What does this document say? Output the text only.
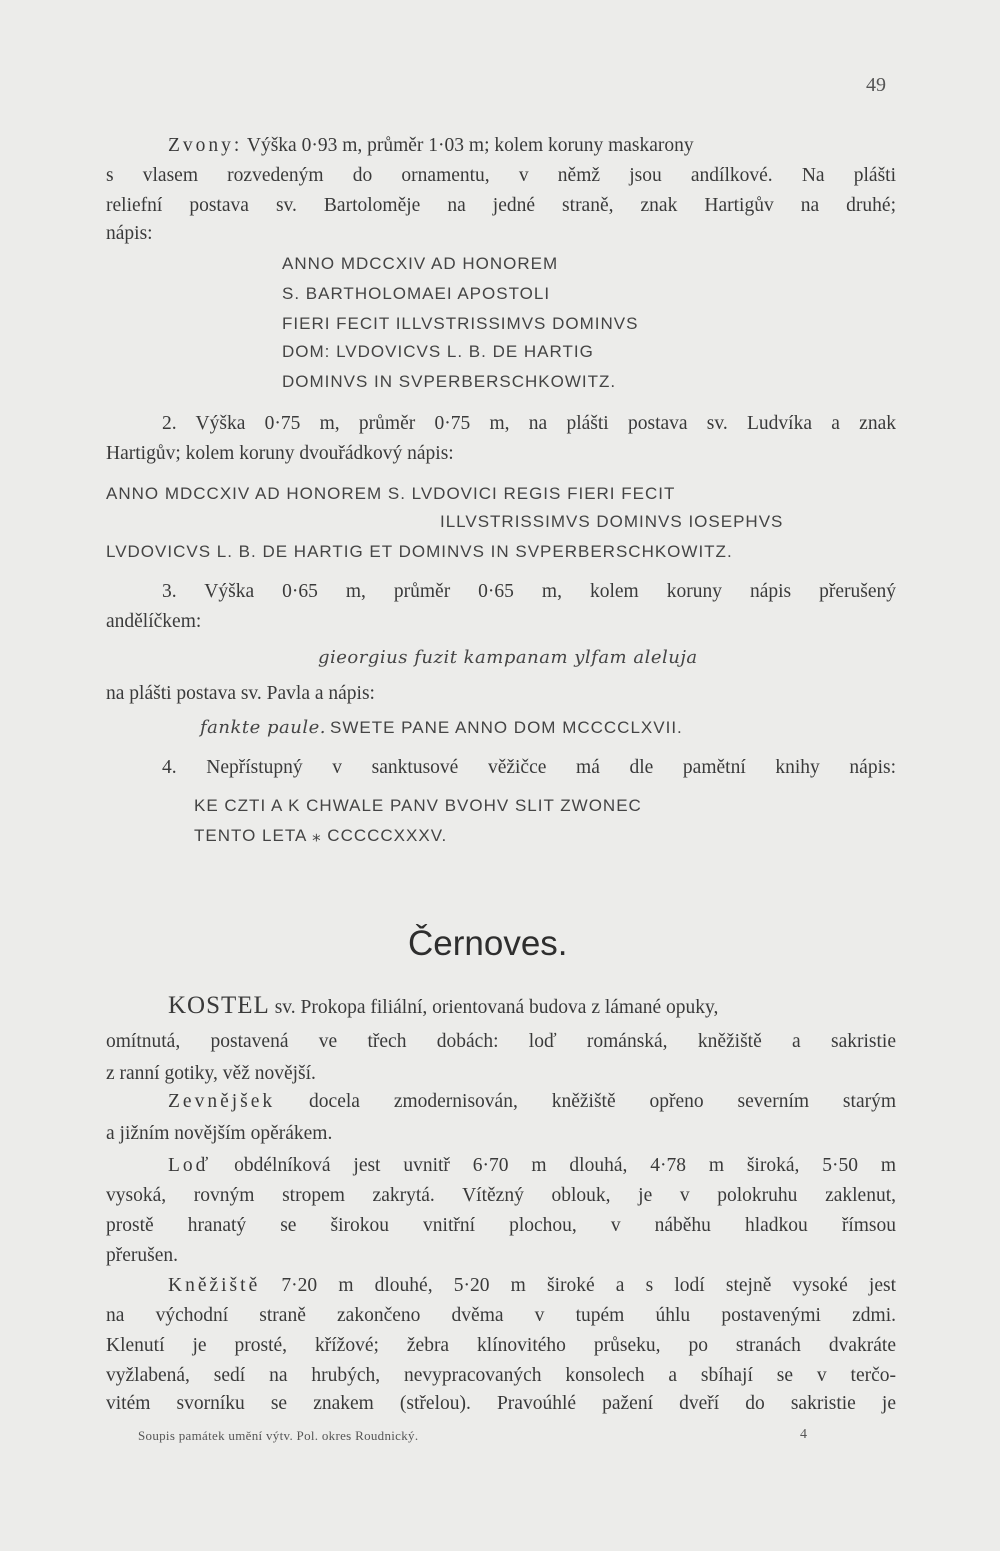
49
Zvony: Výška 0·93 m, průměr 1·03 m; kolem koruny maskarony
s vlasem rozvedeným do ornamentu, v němž jsou andílkové. Na plášti
reliefní postava sv. Bartoloměje na jedné straně, znak Hartigův na druhé;
nápis:
ANNO MDCCXIV AD HONOREM
S. BARTHOLOMAEI APOSTOLI
FIERI FECIT ILLVSTRISSIMVS DOMINVS
DOM: LVDOVICVS L. B. DE HARTIG
DOMINVS IN SVPERBERSCHKOWITZ.
2. Výška 0·75 m, průměr 0·75 m, na plášti postava sv. Ludvíka a znak
Hartigův; kolem koruny dvouřádkový nápis:
ANNO MDCCXIV AD HONOREM S. LVDOVICI REGIS FIERI FECIT
ILLVSTRISSIMVS DOMINVS IOSEPHVS
LVDOVICVS L. B. DE HARTIG ET DOMINVS IN SVPERBERSCHKOWITZ.
3. Výška 0·65 m, průměr 0·65 m, kolem koruny nápis přerušený
andělíčkem:
gieorgius fuzit kampanam ylfam aleluja
na plášti postava sv. Pavla a nápis:
fankte paule. SWETE PANE ANNO DOM MCCCCLXVII.
4. Nepřístupný v sanktusové věžičce má dle pamětní knihy nápis:
KE CZTI A K CHWALE PANV BVOHV SLIT ZWONEC
TENTO LETA ⁎ CCCCCXXXV.
Černoves.
KOSTEL sv. Prokopa filiální, orientovaná budova z lámané opuky,
omítnutá, postavená ve třech dobách: loď románská, kněžiště a sakristie
z ranní gotiky, věž novější.
Zevnějšek docela zmodernisován, kněžiště opřeno severním starým
a jižním novějším opěrákem.
Loď obdélníková jest uvnitř 6·70 m dlouhá, 4·78 m široká, 5·50 m
vysoká, rovným stropem zakrytá. Vítězný oblouk, je v polokruhu zaklenut,
prostě hranatý se širokou vnitřní plochou, v náběhu hladkou římsou
přerušen.
Kněžiště 7·20 m dlouhé, 5·20 m široké a s lodí stejně vysoké jest
na východní straně zakončeno dvěma v tupém úhlu postavenými zdmi.
Klenutí je prosté, křížové; žebra klínovitého průseku, po stranách dvakráte
vyžlabená, sedí na hrubých, nevypracovaných konsolech a sbíhají se v terčo-
vitém svorníku se znakem (střelou). Pravoúhlé pažení dveří do sakristie je
Soupis památek umění výtv. Pol. okres Roudnický.	4
